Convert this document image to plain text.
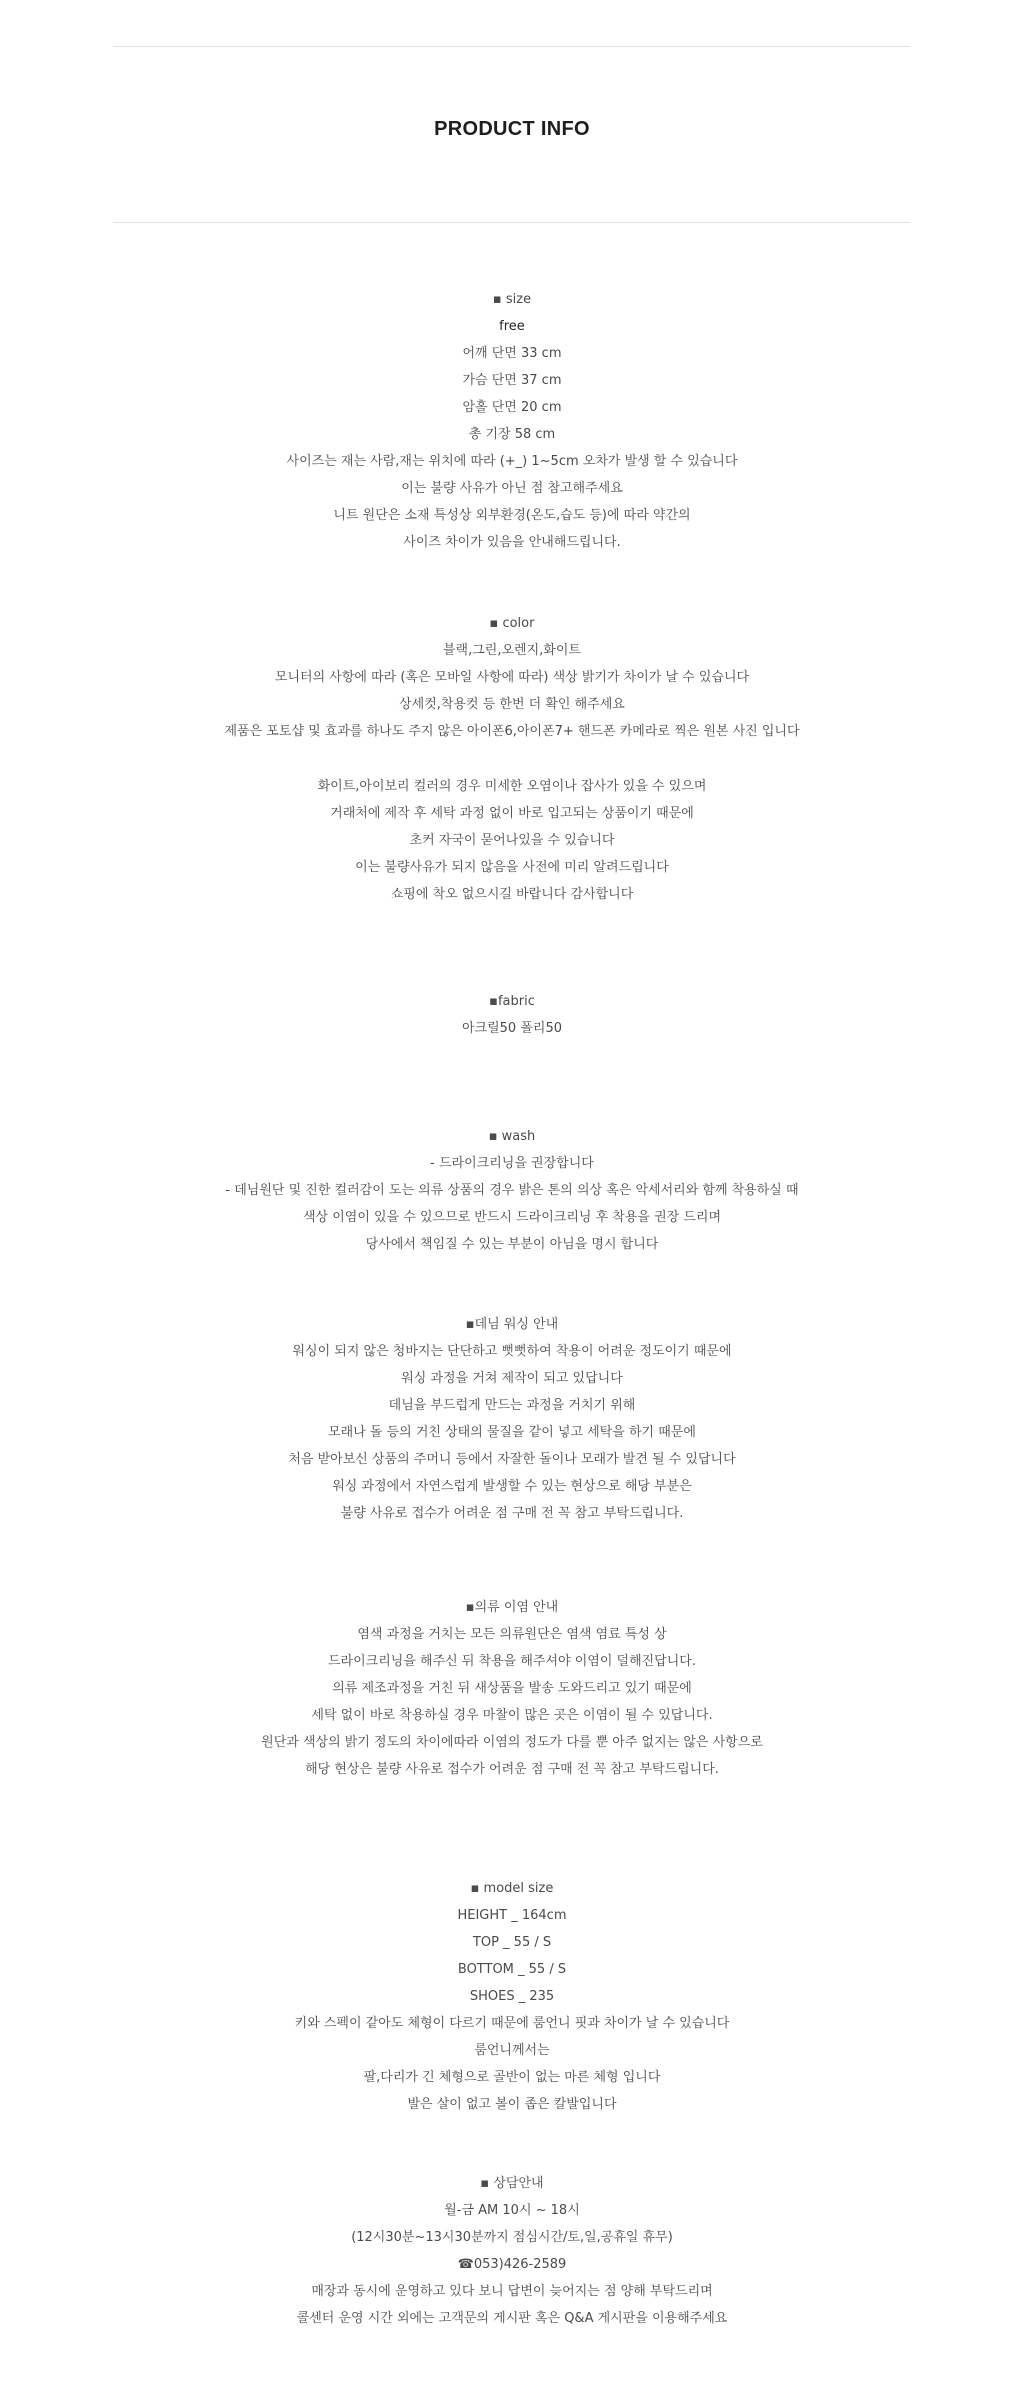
PRODUCT INFO
▪ size
free
어깨 단면 33 cm
가슴 단면 37 cm
암홀 단면 20 cm
총 기장 58 cm
사이즈는 재는 사람,재는 위치에 따라 (+_) 1~5cm 오차가 발생 할 수 있습니다
이는 불량 사유가 아닌 점 참고해주세요
니트 원단은 소재 특성상 외부환경(온도,습도 등)에 따라 약간의
사이즈 차이가 있음을 안내해드립니다.
▪ color
블랙,그린,오렌지,화이트
모니터의 사항에 따라 (혹은 모바일 사항에 따라) 색상 밝기가 차이가 날 수 있습니다
상세컷,착용컷 등 한번 더 확인 해주세요
제품은 포토샵 및 효과를 하나도 주지 않은 아이폰6,아이폰7+ 핸드폰 카메라로 찍은 원본 사진 입니다
화이트,아이보리 컬러의 경우 미세한 오염이나 잡사가 있을 수 있으며
거래처에 제작 후 세탁 과정 없이 바로 입고되는 상품이기 때문에
초커 자국이 묻어나있을 수 있습니다
이는 불량사유가 되지 않음을 사전에 미리 알려드립니다
쇼핑에 착오 없으시길 바랍니다 감사합니다
▪fabric
아크릴50 폴리50
▪ wash
- 드라이크리닝을 권장합니다
- 데님원단 및 진한 컬러감이 도는 의류 상품의 경우 밝은 톤의 의상 혹은 악세서리와 함께 착용하실 때
색상 이염이 있을 수 있으므로 반드시 드라이크리닝 후 착용을 권장 드리며
당사에서 책임질 수 있는 부분이 아님을 명시 합니다
▪데님 워싱 안내
워싱이 되지 않은 청바지는 단단하고 뻣뻣하여 착용이 어려운 정도이기 때문에
워싱 과정을 거쳐 제작이 되고 있답니다
데님을 부드럽게 만드는 과정을 거치기 위해
모래나 돌 등의 거친 상태의 물질을 같이 넣고 세탁을 하기 때문에
처음 받아보신 상품의 주머니 등에서 자잘한 돌이나 모래가 발견 될 수 있답니다
워싱 과정에서 자연스럽게 발생할 수 있는 현상으로 해당 부분은
불량 사유로 접수가 어려운 점 구매 전 꼭 참고 부탁드립니다.
▪의류 이염 안내
염색 과정을 거치는 모든 의류원단은 염색 염료 특성 상
드라이크리닝을 해주신 뒤 착용을 해주셔야 이염이 덜해진답니다.
의류 제조과정을 거친 뒤 새상품을 발송 도와드리고 있기 때문에
세탁 없이 바로 착용하실 경우 마찰이 많은 곳은 이염이 될 수 있답니다.
원단과 색상의 밝기 정도의 차이에따라 이염의 정도가 다를 뿐 아주 없지는 않은 사항으로
해당 현상은 불량 사유로 접수가 어려운 점 구매 전 꼭 참고 부탁드립니다.
▪ model size
HEIGHT _ 164cm
TOP _ 55 / S
BOTTOM _ 55 / S
SHOES _ 235
키와 스펙이 같아도 체형이 다르기 때문에 룸언니 핏과 차이가 날 수 있습니다
룸언니께서는
팔,다리가 긴 체형으로 골반이 없는 마른 체형 입니다
발은 살이 없고 볼이 좁은 칼발입니다
▪ 상담안내
월-금 AM 10시 ~ 18시
(12시30분~13시30분까지 점심시간/토,일,공휴일 휴무)
☎053)426-2589
매장과 동시에 운영하고 있다 보니 답변이 늦어지는 점 양해 부탁드리며
콜센터 운영 시간 외에는 고객문의 게시판 혹은 Q&A 게시판을 이용해주세요
